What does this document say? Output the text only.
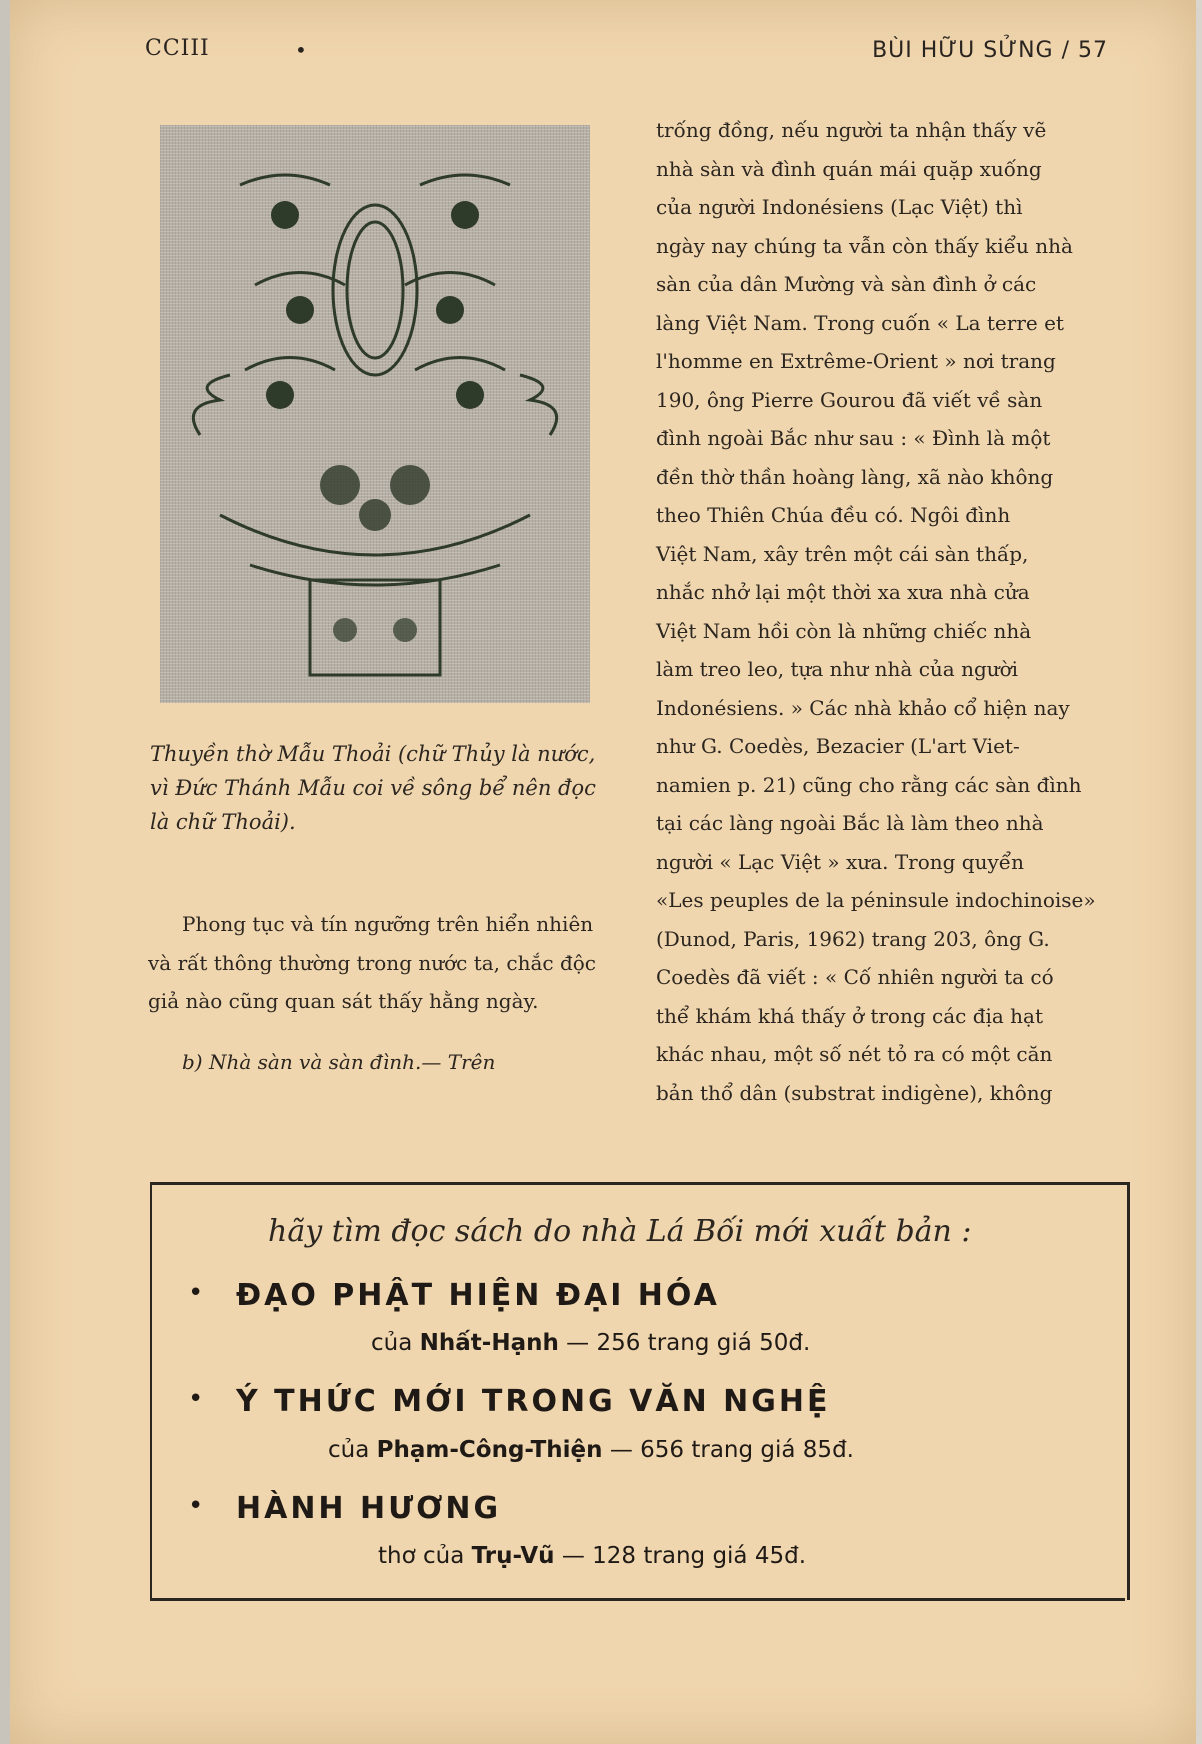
CCIII	•	BÙI HỮU SỬNG / 57
Thuyền thờ Mẫu Thoải (chữ Thủy là nước, vì Đức Thánh Mẫu coi về sông bể nên đọc là chữ Thoải).

Phong tục và tín ngưỡng trên hiển nhiên và rất thông thường trong nước ta, chắc độc giả nào cũng quan sát thấy hằng ngày.

b) Nhà sàn và sàn đình.— Trên

trống đồng, nếu người ta nhận thấy vẽ
nhà sàn và đình quán mái quặp xuống
của người Indonésiens (Lạc Việt) thì
ngày nay chúng ta vẫn còn thấy kiểu nhà
sàn của dân Mường và sàn đình ở các
làng Việt Nam. Trong cuốn « La terre et
l'homme en Extrême-Orient » nơi trang
190, ông Pierre Gourou đã viết về sàn
đình ngoài Bắc như sau : « Đình là một
đền thờ thần hoàng làng, xã nào không
theo Thiên Chúa đều có. Ngôi đình
Việt Nam, xây trên một cái sàn thấp,
nhắc nhở lại một thời xa xưa nhà cửa
Việt Nam hồi còn là những chiếc nhà
làm treo leo, tựa như nhà của người
Indonésiens. » Các nhà khảo cổ hiện nay
như G. Coedès, Bezacier (L'art Viet-
namien p. 21) cũng cho rằng các sàn đình
tại các làng ngoài Bắc là làm theo nhà
người « Lạc Việt » xưa. Trong quyển
«Les peuples de la péninsule indochinoise»
(Dunod, Paris, 1962) trang 203, ông G.
Coedès đã viết : « Cố nhiên người ta có
thể khám khá thấy ở trong các địa hạt
khác nhau, một số nét tỏ ra có một căn
bản thổ dân (substrat indigène), không
hãy tìm đọc sách do nhà Lá Bối mới xuất bản :
• ĐẠO PHẬT HIỆN ĐẠI HÓA
của Nhất-Hạnh — 256 trang giá 50đ.
• Ý THỨC MỚI TRONG VĂN NGHỆ
của Phạm-Công-Thiện — 656 trang giá 85đ.
• HÀNH HƯƠNG
thơ của Trụ-Vũ — 128 trang giá 45đ.
